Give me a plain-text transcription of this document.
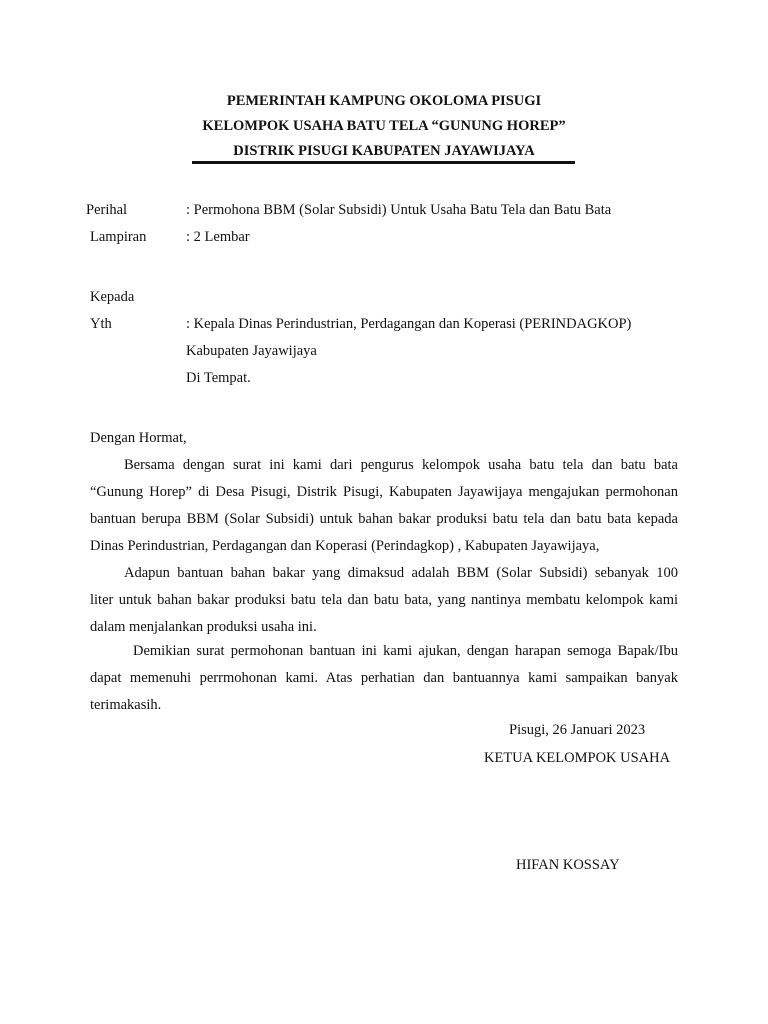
PEMERINTAH KAMPUNG OKOLOMA PISUGI
KELOMPOK USAHA BATU TELA “GUNUNG HOREP”
DISTRIK PISUGI KABUPATEN JAYAWIJAYA
Perihal	: Permohona BBM (Solar Subsidi) Untuk Usaha Batu Tela dan Batu Bata
Lampiran	: 2 Lembar
Kepada
Yth	: Kepala Dinas Perindustrian, Perdagangan dan Koperasi (PERINDAGKOP)
Kabupaten Jayawijaya
Di Tempat.
Dengan Hormat,
Bersama dengan surat ini kami dari pengurus kelompok usaha batu tela dan batu bata
“Gunung Horep” di Desa Pisugi, Distrik Pisugi, Kabupaten Jayawijaya mengajukan permohonan
bantuan berupa BBM (Solar Subsidi) untuk bahan bakar produksi batu tela dan batu bata kepada
Dinas Perindustrian, Perdagangan dan Koperasi (Perindagkop) , Kabupaten Jayawijaya,
Adapun bantuan bahan bakar yang dimaksud adalah BBM (Solar Subsidi) sebanyak 100
liter untuk bahan bakar produksi batu tela dan batu bata, yang nantinya membatu kelompok kami
dalam menjalankan produksi usaha ini.
Demikian surat permohonan bantuan ini kami ajukan, dengan harapan semoga Bapak/Ibu
dapat memenuhi perrmohonan kami. Atas perhatian dan bantuannya kami sampaikan banyak
terimakasih.
Pisugi, 26 Januari 2023
KETUA KELOMPOK USAHA
HIFAN KOSSAY
